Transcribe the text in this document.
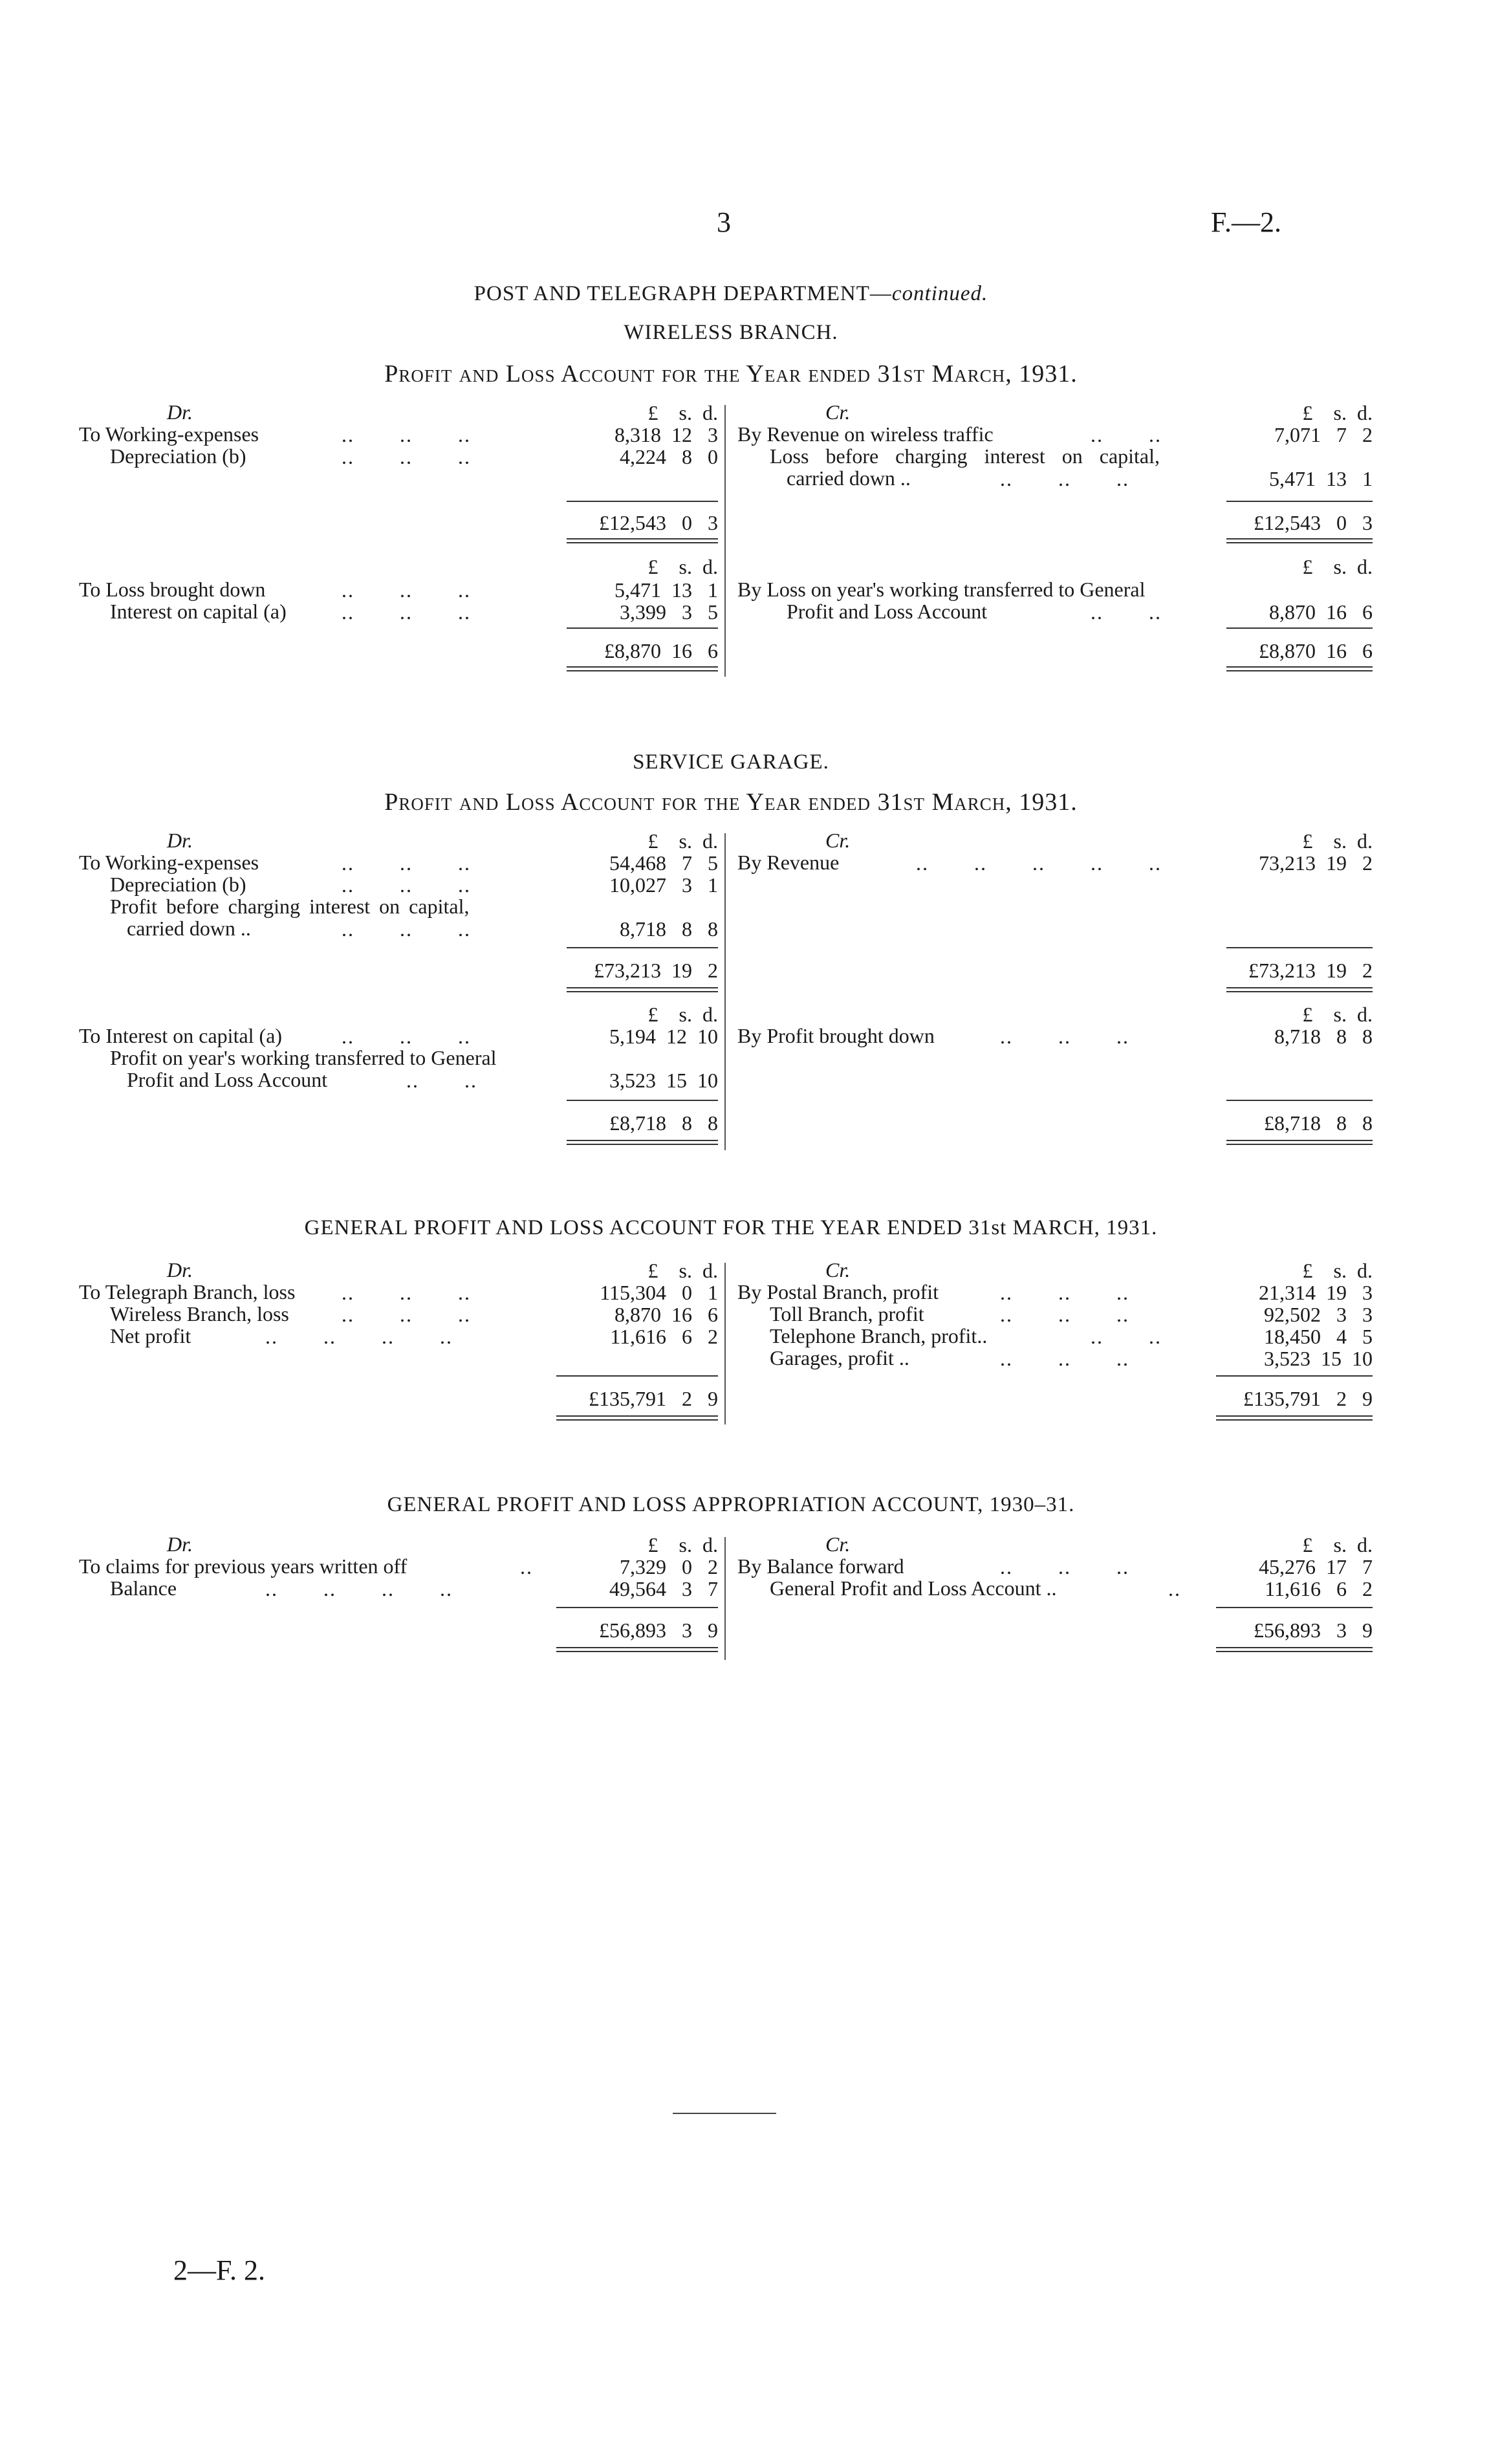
3	F.—2.
POST AND TELEGRAPH DEPARTMENT—continued.
WIRELESS BRANCH.
Profit and Loss Account for the Year ended 31st March, 1931.
Dr.	£    s.  d.	Cr.	£    s.  d.
To Working-expenses	..       ..       ..	8,318  12   3
Depreciation (b)	..       ..       ..	4,224   8   0
£12,543   0   3
By Revenue on wireless traffic	..       ..	7,071   7   2
Loss before charging interest on capital,
carried down ..	..       ..       ..	5,471  13   1
£12,543   0   3
£    s.  d.	£    s.  d.
To Loss brought down	..       ..       ..	5,471  13   1
Interest on capital (a)	..       ..       ..	3,399   3   5
£8,870  16   6
By Loss on year's working transferred to General
Profit and Loss Account	..       ..	8,870  16   6
£8,870  16   6
SERVICE GARAGE.
Profit and Loss Account for the Year ended 31st March, 1931.
Dr.	£    s.  d.	Cr.	£    s.  d.
To Working-expenses	..       ..       ..	54,468   7   5
Depreciation (b)	..       ..       ..	10,027   3   1
Profit before charging interest on capital,
carried down ..	..       ..       ..	8,718   8   8
£73,213  19   2
By Revenue	..       ..       ..       ..       ..	73,213  19   2
£73,213  19   2
£    s.  d.	£    s.  d.
To Interest on capital (a)	..       ..       ..	5,194  12  10
Profit on year's working transferred to General
Profit and Loss Account	..       ..	3,523  15  10
£8,718   8   8
By Profit brought down	..       ..       ..	8,718   8   8
£8,718   8   8
GENERAL PROFIT AND LOSS ACCOUNT FOR THE YEAR ENDED 31st MARCH, 1931.
Dr.	£    s.  d.	Cr.	£    s.  d.
To Telegraph Branch, loss ..       ..       ..	115,304   0   1
Wireless Branch, loss	..       ..       ..	8,870  16   6
Net profit	..       ..       ..       ..	11,616   6   2
£135,791   2   9
By Postal Branch, profit	..       ..       ..	21,314  19   3
Toll Branch, profit	..       ..       ..	92,502   3   3
Telephone Branch, profit..	..       ..	18,450   4   5
Garages, profit ..	..       ..       ..	3,523  15  10
£135,791   2   9
GENERAL PROFIT AND LOSS APPROPRIATION ACCOUNT, 1930–31.
Dr.	£    s.  d.	Cr.	£    s.  d.
To claims for previous years written off	..	7,329   0   2
Balance	..       ..       ..       ..	49,564   3   7
£56,893   3   9
By Balance forward	..       ..       ..	45,276  17   7
General Profit and Loss Account ..	..	11,616   6   2
£56,893   3   9
2—F. 2.
